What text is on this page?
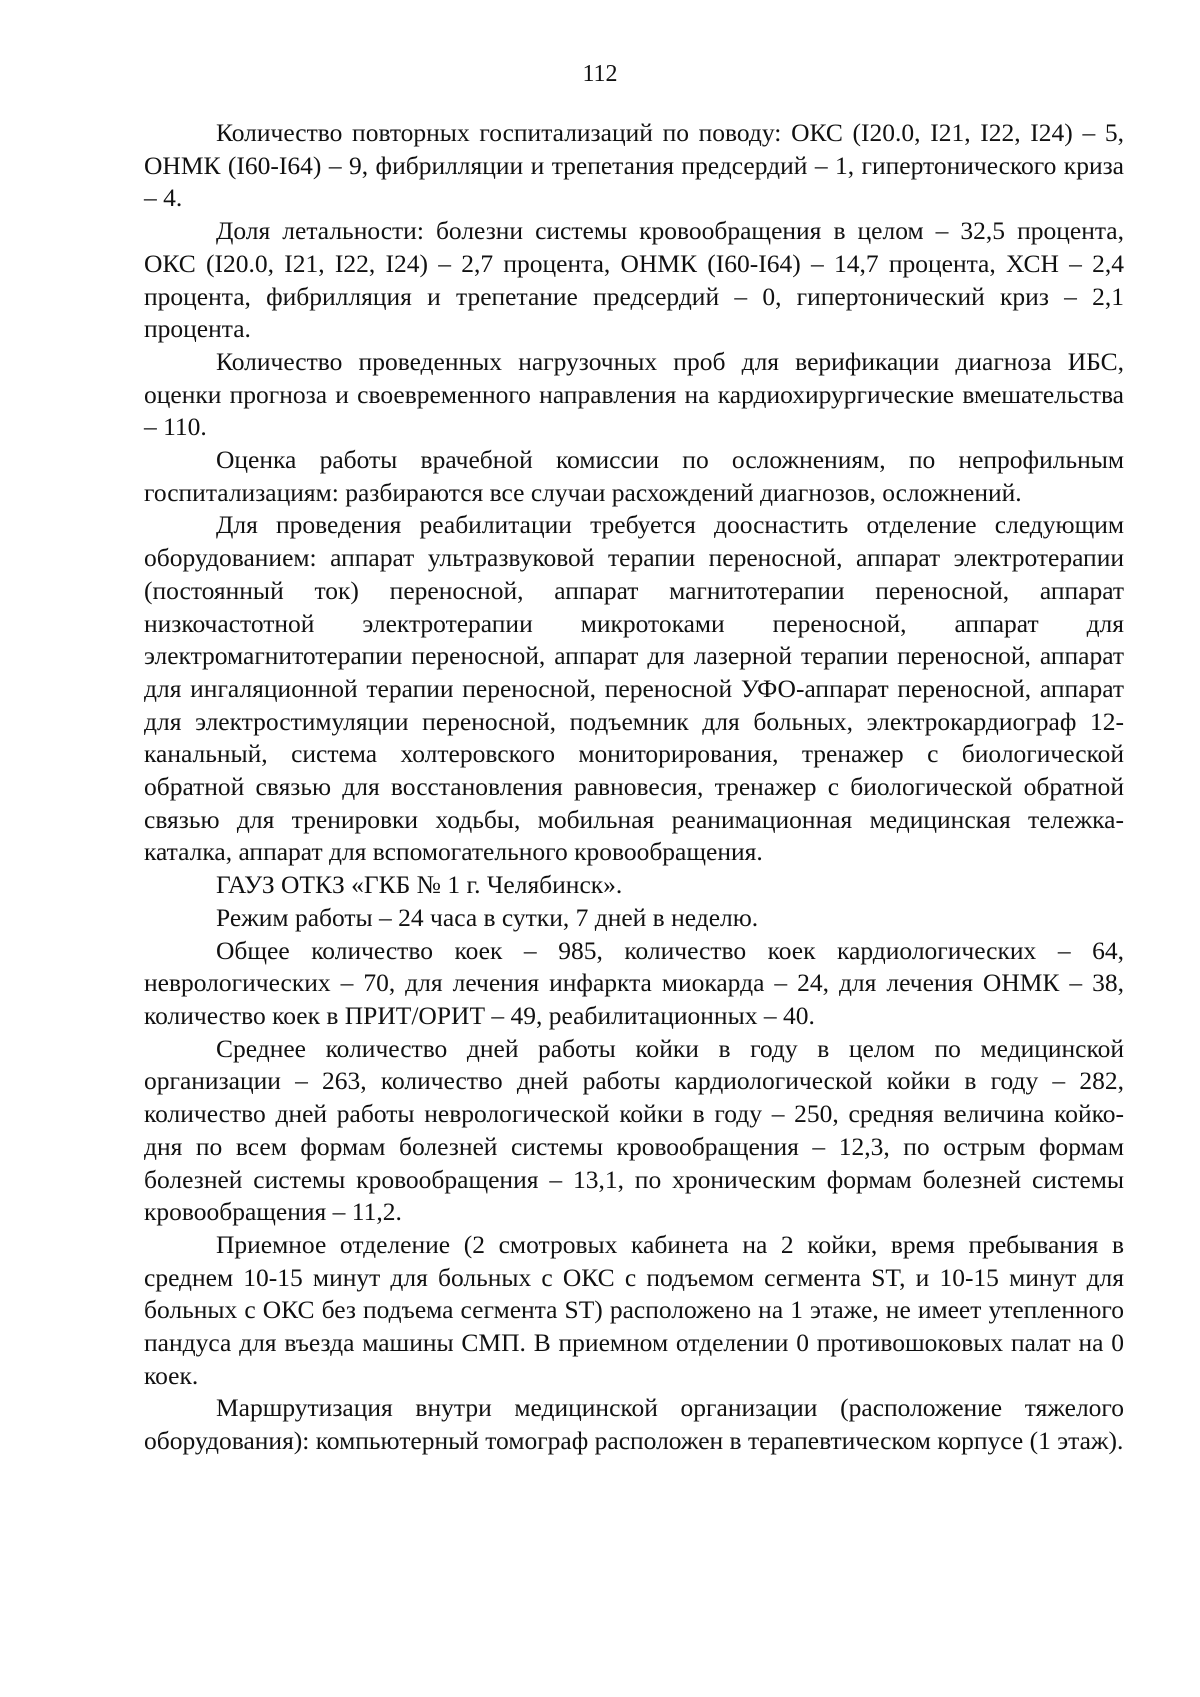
112

Количество повторных госпитализаций по поводу: ОКС (I20.0, I21, I22, I24) – 5, ОНМК (I60-I64) – 9, фибрилляции и трепетания предсердий – 1, гипертонического криза – 4.

Доля летальности: болезни системы кровообращения в целом – 32,5 процента, ОКС (I20.0, I21, I22, I24) – 2,7 процента, ОНМК (I60-I64) – 14,7 процента, ХСН – 2,4 процента, фибрилляция и трепетание предсердий – 0, гипертонический криз – 2,1 процента.

Количество проведенных нагрузочных проб для верификации диагноза ИБС, оценки прогноза и своевременного направления на кардиохирургические вмешательства – 110.

Оценка работы врачебной комиссии по осложнениям, по непрофильным госпитализациям: разбираются все случаи расхождений диагнозов, осложнений.

Для проведения реабилитации требуется дооснастить отделение следующим оборудованием: аппарат ультразвуковой терапии переносной, аппарат электротерапии (постоянный ток) переносной, аппарат магнитотерапии переносной, аппарат низкочастотной электротерапии микротоками переносной, аппарат для электромагнитотерапии переносной, аппарат для лазерной терапии переносной, аппарат для ингаляционной терапии переносной, переносной УФО-аппарат переносной, аппарат для электростимуляции переносной, подъемник для больных, электрокардиограф 12-канальный, система холтеровского мониторирования, тренажер с биологической обратной связью для восстановления равновесия, тренажер с биологической обратной связью для тренировки ходьбы, мобильная реанимационная медицинская тележка-каталка, аппарат для вспомогательного кровообращения.

ГАУЗ ОТКЗ «ГКБ № 1 г. Челябинск».

Режим работы – 24 часа в сутки, 7 дней в неделю.

Общее количество коек – 985, количество коек кардиологических – 64, неврологических – 70, для лечения инфаркта миокарда – 24, для лечения ОНМК – 38, количество коек в ПРИТ/ОРИТ – 49, реабилитационных – 40.

Среднее количество дней работы койки в году в целом по медицинской организации – 263, количество дней работы кардиологической койки в году – 282, количество дней работы неврологической койки в году – 250, средняя величина койко-дня по всем формам болезней системы кровообращения – 12,3, по острым формам болезней системы кровообращения – 13,1, по хроническим формам болезней системы кровообращения – 11,2.

Приемное отделение (2 смотровых кабинета на 2 койки, время пребывания в среднем 10-15 минут для больных с ОКС с подъемом сегмента ST, и 10-15 минут для больных с ОКС без подъема сегмента ST) расположено на 1 этаже, не имеет утепленного пандуса для въезда машины СМП. В приемном отделении 0 противошоковых палат на 0 коек.

Маршрутизация внутри медицинской организации (расположение тяжелого оборудования): компьютерный томограф расположен в терапевтическом корпусе (1 этаж).
